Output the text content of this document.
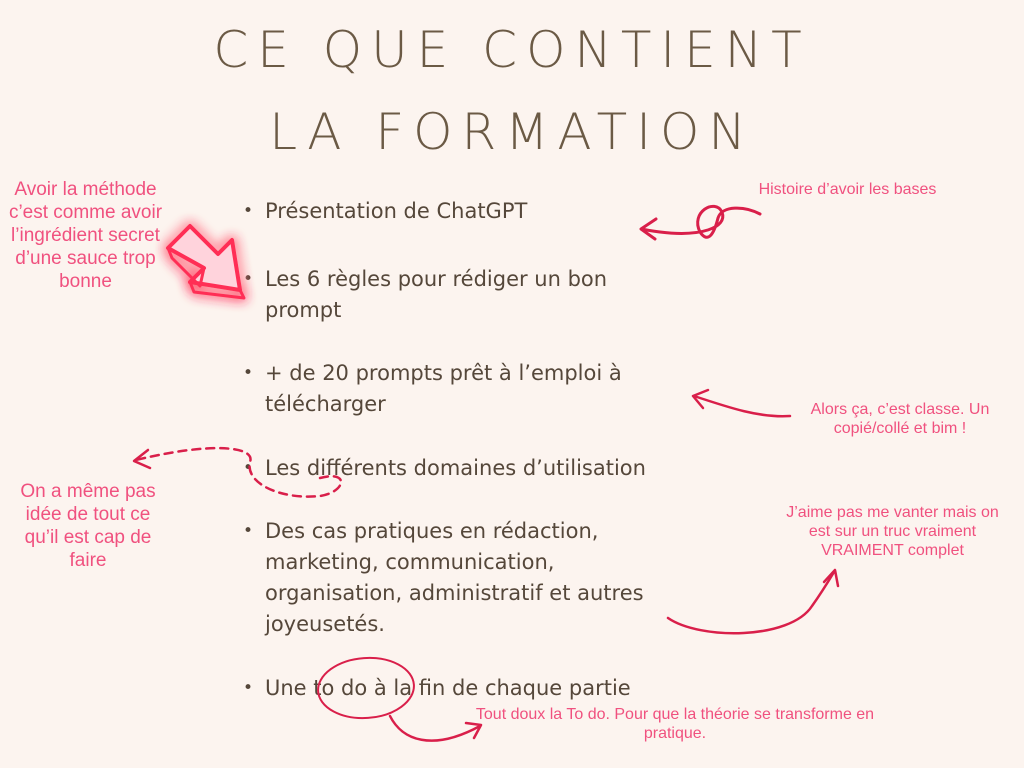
CE QUE CONTIENT
LA FORMATION
• Présentation de ChatGPT
• Les 6 règles pour rédiger un bon
prompt
• + de 20 prompts prêt à l’emploi à
télécharger
• Les différents domaines d’utilisation
• Des cas pratiques en rédaction,
marketing, communication,
organisation, administratif et autres
joyeusetés.
• Une to do à la fin de chaque partie

Avoir la méthode c’est comme avoir l’ingrédient secret d’une sauce trop bonne

On a même pas idée de tout ce qu’il est cap de faire

Histoire d’avoir les bases

Alors ça, c’est classe. Un copié/collé et bim !

J’aime pas me vanter mais on est sur un truc vraiment VRAIMENT complet

Tout doux la To do. Pour que la théorie se transforme en pratique.
